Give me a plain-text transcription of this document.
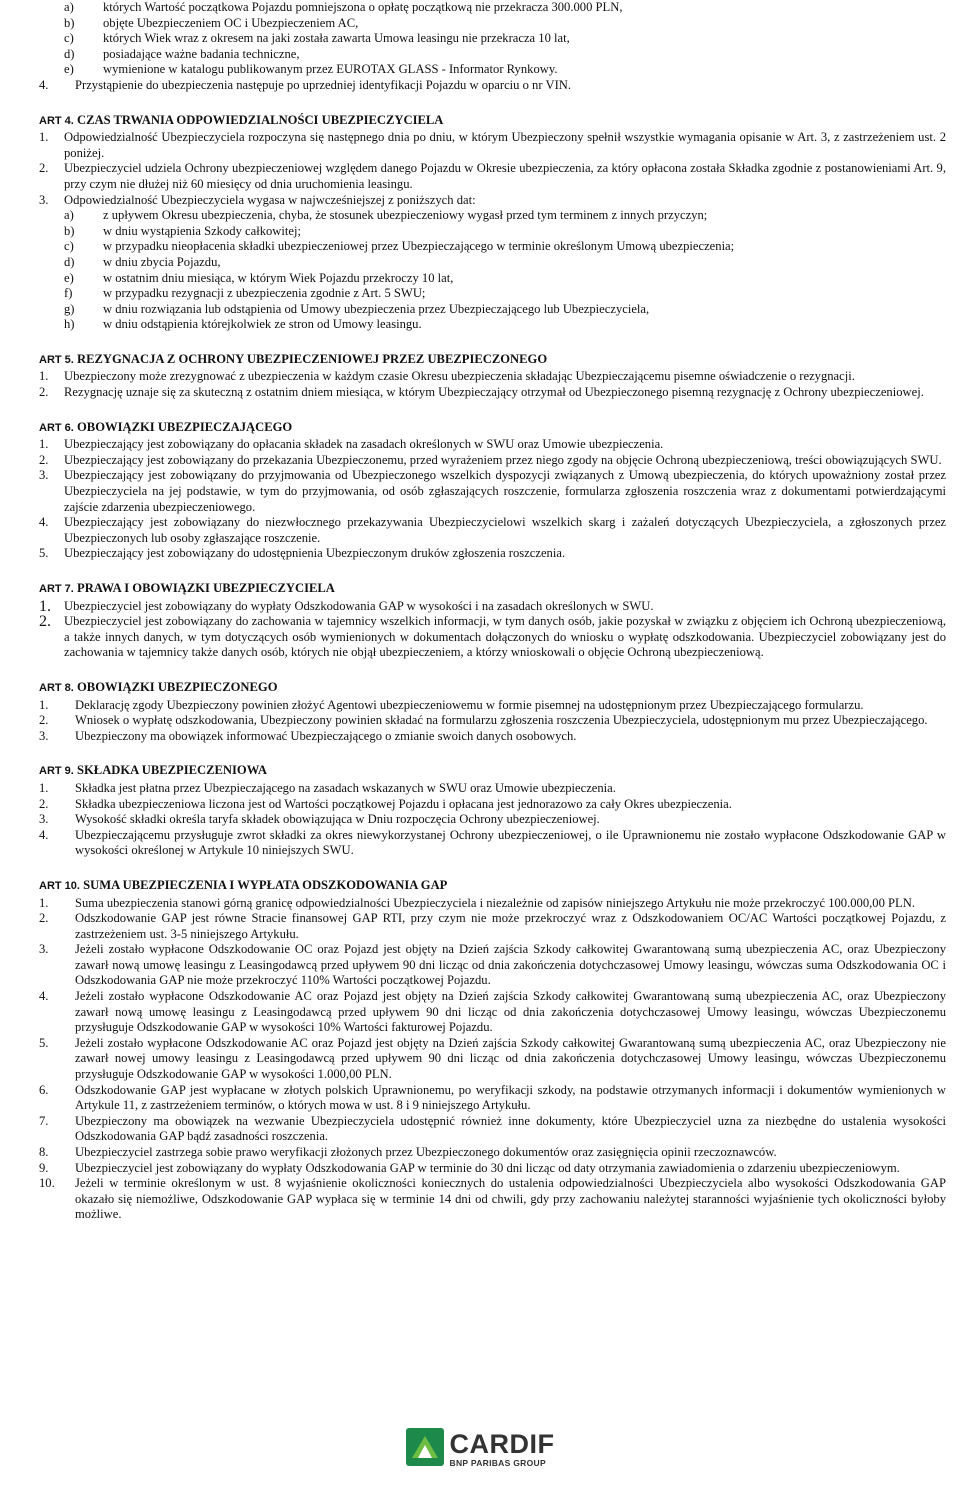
a)	których Wartość początkowa Pojazdu pomniejszona o opłatę początkową nie przekracza 300.000 PLN,
b)	objęte Ubezpieczeniem OC i Ubezpieczeniem AC,
c)	których Wiek wraz z okresem na jaki została zawarta Umowa leasingu nie przekracza 10 lat,
d)	posiadające ważne badania techniczne,
e)	wymienione w katalogu publikowanym przez EUROTAX GLASS - Informator Rynkowy.
4.	Przystąpienie do ubezpieczenia następuje po uprzedniej identyfikacji Pojazdu w oparciu o nr VIN.
ART 4. CZAS TRWANIA ODPOWIEDZIALNOŚCI UBEZPIECZYCIELA
1.	Odpowiedzialność Ubezpieczyciela rozpoczyna się następnego dnia po dniu, w którym Ubezpieczony spełnił wszystkie wymagania opisanie w Art. 3, z zastrzeżeniem ust. 2 poniżej.
2.	Ubezpieczyciel udziela Ochrony ubezpieczeniowej względem danego Pojazdu w Okresie ubezpieczenia, za który opłacona została Składka zgodnie z postanowieniami Art. 9, przy czym nie dłużej niż 60 miesięcy od dnia uruchomienia leasingu.
3.	Odpowiedzialność Ubezpieczyciela wygasa w najwcześniejszej z poniższych dat:
a)	z upływem Okresu ubezpieczenia, chyba, że stosunek ubezpieczeniowy wygasł przed tym terminem z innych przyczyn;
b)	w dniu wystąpienia Szkody całkowitej;
c)	w przypadku nieopłacenia składki ubezpieczeniowej przez Ubezpieczającego w terminie określonym Umową ubezpieczenia;
d)	w dniu zbycia Pojazdu,
e)	w ostatnim dniu miesiąca, w którym Wiek Pojazdu przekroczy 10 lat,
f)	w przypadku rezygnacji z ubezpieczenia zgodnie z Art. 5 SWU;
g)	w dniu rozwiązania lub odstąpienia od Umowy ubezpieczenia przez Ubezpieczającego lub Ubezpieczyciela,
h)	w dniu odstąpienia którejkolwiek ze stron od Umowy leasingu.
ART 5. REZYGNACJA Z OCHRONY UBEZPIECZENIOWEJ PRZEZ UBEZPIECZONEGO
1.	Ubezpieczony może zrezygnować z ubezpieczenia w każdym czasie Okresu ubezpieczenia składając Ubezpieczającemu pisemne oświadczenie o rezygnacji.
2.	Rezygnację uznaje się za skuteczną z ostatnim dniem miesiąca, w którym Ubezpieczający otrzymał od Ubezpieczonego pisemną rezygnację z Ochrony ubezpieczeniowej.
ART 6. OBOWIĄZKI UBEZPIECZAJĄCEGO
1.	Ubezpieczający jest zobowiązany do opłacania składek na zasadach określonych w SWU oraz Umowie ubezpieczenia.
2.	Ubezpieczający jest zobowiązany do przekazania Ubezpieczonemu, przed wyrażeniem przez niego zgody na objęcie Ochroną ubezpieczeniową, treści obowiązujących SWU.
3.	Ubezpieczający jest zobowiązany do przyjmowania od Ubezpieczonego wszelkich dyspozycji związanych z Umową ubezpieczenia, do których upoważniony został przez Ubezpieczyciela na jej podstawie, w tym do przyjmowania, od osób zgłaszających roszczenie, formularza zgłoszenia roszczenia wraz z dokumentami potwierdzającymi zajście zdarzenia ubezpieczeniowego.
4.	Ubezpieczający jest zobowiązany do niezwłocznego przekazywania Ubezpieczycielowi wszelkich skarg i zażaleń dotyczących Ubezpieczyciela, a zgłoszonych przez Ubezpieczonych lub osoby zgłaszające roszczenie.
5.	Ubezpieczający jest zobowiązany do udostępnienia Ubezpieczonym druków zgłoszenia roszczenia.
ART 7. PRAWA I OBOWIĄZKI UBEZPIECZYCIELA
1.	Ubezpieczyciel jest zobowiązany do wypłaty Odszkodowania GAP w wysokości i na zasadach określonych w SWU.
2.	Ubezpieczyciel jest zobowiązany do zachowania w tajemnicy wszelkich informacji, w tym danych osób, jakie pozyskał w związku z objęciem ich Ochroną ubezpieczeniową, a także innych danych, w tym dotyczących osób wymienionych w dokumentach dołączonych do wniosku o wypłatę odszkodowania. Ubezpieczyciel zobowiązany jest do zachowania w tajemnicy także danych osób, których nie objął ubezpieczeniem, a którzy wnioskowali o objęcie Ochroną ubezpieczeniową.
ART 8. OBOWIĄZKI UBEZPIECZONEGO
1.	Deklarację zgody Ubezpieczony powinien złożyć Agentowi ubezpieczeniowemu w formie pisemnej na udostępnionym przez Ubezpieczającego formularzu.
2.	Wniosek o wypłatę odszkodowania, Ubezpieczony powinien składać na formularzu zgłoszenia roszczenia Ubezpieczyciela, udostępnionym mu przez Ubezpieczającego.
3.	Ubezpieczony ma obowiązek informować Ubezpieczającego o zmianie swoich danych osobowych.
ART 9. SKŁADKA UBEZPIECZENIOWA
1.	Składka jest płatna przez Ubezpieczającego na zasadach wskazanych w SWU oraz Umowie ubezpieczenia.
2.	Składka ubezpieczeniowa liczona jest od Wartości początkowej Pojazdu i opłacana jest jednorazowo za cały Okres ubezpieczenia.
3.	Wysokość składki określa taryfa składek obowiązująca w Dniu rozpoczęcia Ochrony ubezpieczeniowej.
4.	Ubezpieczającemu przysługuje zwrot składki za okres niewykorzystanej Ochrony ubezpieczeniowej, o ile Uprawnionemu nie zostało wypłacone Odszkodowanie GAP w wysokości określonej w Artykule 10 niniejszych SWU.
ART 10. SUMA UBEZPIECZENIA I WYPŁATA ODSZKODOWANIA GAP
1.	Suma ubezpieczenia stanowi górną granicę odpowiedzialności Ubezpieczyciela i niezależnie od zapisów niniejszego Artykułu nie może przekroczyć 100.000,00 PLN.
2.	Odszkodowanie GAP jest równe Stracie finansowej GAP RTI, przy czym nie może przekroczyć wraz z Odszkodowaniem OC/AC Wartości początkowej Pojazdu, z zastrzeżeniem ust. 3-5 niniejszego Artykułu.
3.	Jeżeli zostało wypłacone Odszkodowanie OC oraz Pojazd jest objęty na Dzień zajścia Szkody całkowitej Gwarantowaną sumą ubezpieczenia AC, oraz Ubezpieczony zawarł nową umowę leasingu z Leasingodawcą przed upływem 90 dni licząc od dnia zakończenia dotychczasowej Umowy leasingu, wówczas suma Odszkodowania OC i Odszkodowania GAP nie może przekroczyć 110% Wartości początkowej Pojazdu.
4.	Jeżeli zostało wypłacone Odszkodowanie AC oraz Pojazd jest objęty na Dzień zajścia Szkody całkowitej Gwarantowaną sumą ubezpieczenia AC, oraz Ubezpieczony zawarł nową umowę leasingu z Leasingodawcą przed upływem 90 dni licząc od dnia zakończenia dotychczasowej Umowy leasingu, wówczas Ubezpieczonemu przysługuje Odszkodowanie GAP w wysokości 10% Wartości fakturowej Pojazdu.
5.	Jeżeli zostało wypłacone Odszkodowanie AC oraz Pojazd jest objęty na Dzień zajścia Szkody całkowitej Gwarantowaną sumą ubezpieczenia AC, oraz Ubezpieczony nie zawarł nowej umowy leasingu z Leasingodawcą przed upływem 90 dni licząc od dnia zakończenia dotychczasowej Umowy leasingu, wówczas Ubezpieczonemu przysługuje Odszkodowanie GAP w wysokości 1.000,00 PLN.
6.	Odszkodowanie GAP jest wypłacane w złotych polskich Uprawnionemu, po weryfikacji szkody, na podstawie otrzymanych informacji i dokumentów wymienionych w Artykule 11, z zastrzeżeniem terminów, o których mowa w ust. 8 i 9 niniejszego Artykułu.
7.	Ubezpieczony ma obowiązek na wezwanie Ubezpieczyciela udostępnić również inne dokumenty, które Ubezpieczyciel uzna za niezbędne do ustalenia wysokości Odszkodowania GAP bądź zasadności roszczenia.
8.	Ubezpieczyciel zastrzega sobie prawo weryfikacji złożonych przez Ubezpieczonego dokumentów oraz zasięgnięcia opinii rzeczoznawców.
9.	Ubezpieczyciel jest zobowiązany do wypłaty Odszkodowania GAP w terminie do 30 dni licząc od daty otrzymania zawiadomienia o zdarzeniu ubezpieczeniowym.
10.	Jeżeli w terminie określonym w ust. 8 wyjaśnienie okoliczności koniecznych do ustalenia odpowiedzialności Ubezpieczyciela albo wysokości Odszkodowania GAP okazało się niemożliwe, Odszkodowanie GAP wypłaca się w terminie 14 dni od chwili, gdy przy zachowaniu należytej staranności wyjaśnienie tych okoliczności byłoby możliwe.
CARDIF
BNP PARIBAS GROUP
